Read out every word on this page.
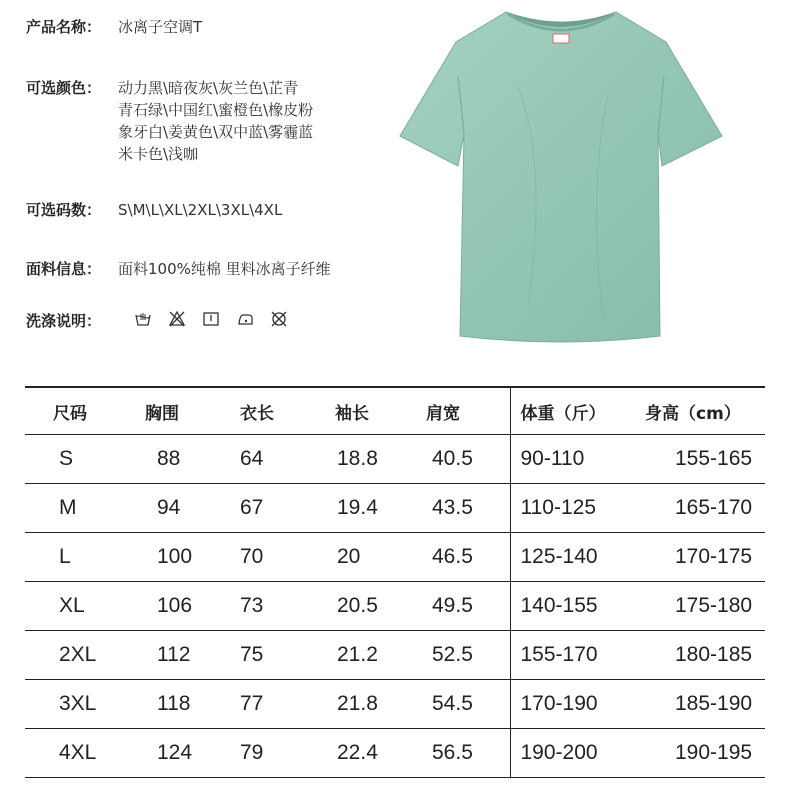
产品名称： 冰离子空调T
可选颜色： 动力黑\暗夜灰\灰兰色\芷青
青石绿\中国红\蜜橙色\橡皮粉
象牙白\姜黄色\双中蓝\雾霾蓝
米卡色\浅咖
可选码数： S\M\L\XL\2XL\3XL\4XL
面料信息： 面料100%纯棉 里料冰离子纤维
洗涤说明：
尺码	胸围	衣长	袖长	肩宽	体重（斤）	身高（cm）
S	88	64	18.8	40.5	90-110	155-165
M	94	67	19.4	43.5	110-125	165-170
L	100	70	20	46.5	125-140	170-175
XL	106	73	20.5	49.5	140-155	175-180
2XL	112	75	21.2	52.5	155-170	180-185
3XL	118	77	21.8	54.5	170-190	185-190
4XL	124	79	22.4	56.5	190-200	190-195
